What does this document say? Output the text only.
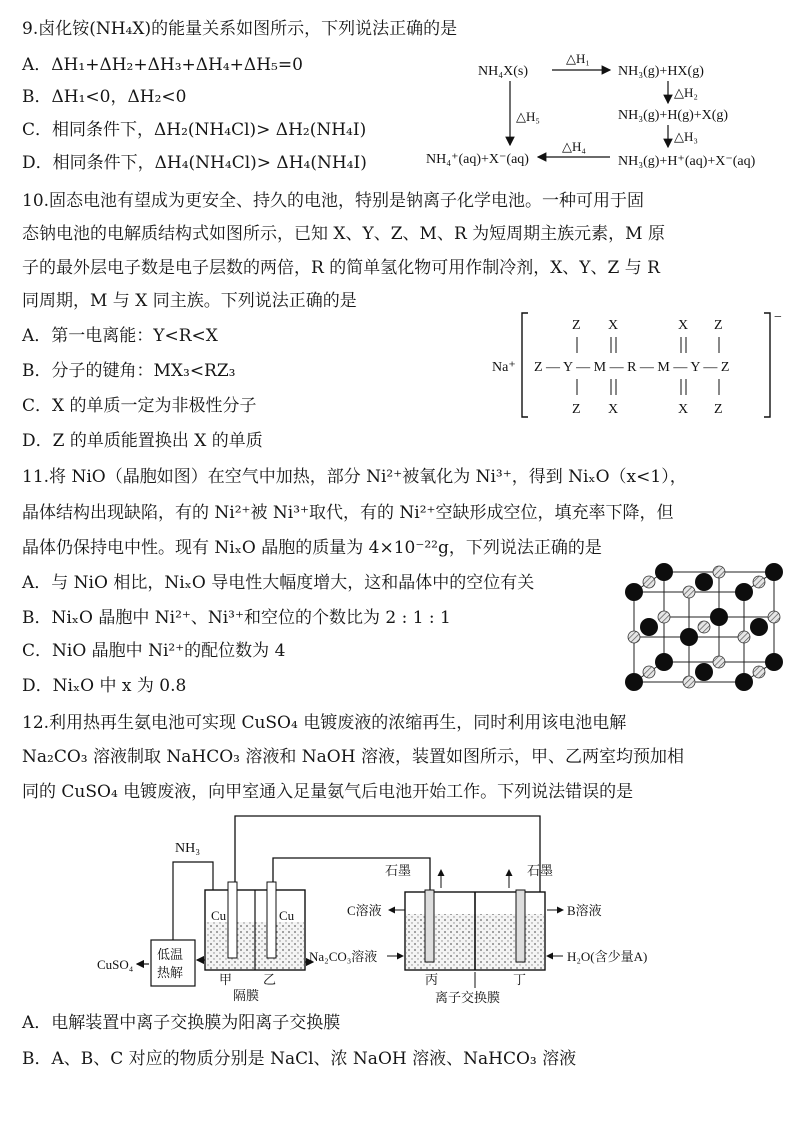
9.卤化铵(NH₄X)的能量关系如图所示，下列说法正确的是
A．ΔH₁+ΔH₂+ΔH₃+ΔH₄+ΔH₅=0
B．ΔH₁<0，ΔH₂<0
C．相同条件下，ΔH₂(NH₄Cl)> ΔH₂(NH₄I)
D．相同条件下，ΔH₄(NH₄Cl)> ΔH₄(NH₄I)
NH₄X(s)
△H₁
NH₃(g)+HX(g)
△H₂
NH₃(g)+H(g)+X(g)
△H₃
NH₃(g)+H⁺(aq)+X⁻(aq)
△H₄
NH₄⁺(aq)+X⁻(aq)
△H₅
10.固态电池有望成为更安全、持久的电池，特别是钠离子化学电池。一种可用于固
态钠电池的电解质结构式如图所示，已知 X、Y、Z、M、R 为短周期主族元素，M 原
子的最外层电子数是电子层数的两倍，R 的简单氢化物可用作制冷剂，X、Y、Z 与 R
同周期，M 与 X 同主族。下列说法正确的是
A．第一电离能：Y<R<X
B．分子的键角：MX₃<RZ₃
C．X 的单质一定为非极性分子
D．Z 的单质能置换出 X 的单质
Na⁺
−
Z X	X Z
Z — Y — M — R — M — Y — Z
Z X	X Z
11.将 NiO（晶胞如图）在空气中加热，部分 Ni²⁺被氧化为 Ni³⁺，得到 NiₓO（x<1），
晶体结构出现缺陷，有的 Ni²⁺被 Ni³⁺取代，有的 Ni²⁺空缺形成空位，填充率下降，但
晶体仍保持电中性。现有 NiₓO 晶胞的质量为 4×10⁻²²g，下列说法正确的是
A．与 NiO 相比，NiₓO 导电性大幅度增大，这和晶体中的空位有关
B．NiₓO 晶胞中 Ni²⁺、Ni³⁺和空位的个数比为 2 : 1 : 1
C．NiO 晶胞中 Ni²⁺的配位数为 4
D．NiₓO 中 x 为 0.8
12.利用热再生氨电池可实现 CuSO₄ 电镀废液的浓缩再生，同时利用该电池电解
Na₂CO₃ 溶液制取 NaHCO₃ 溶液和 NaOH 溶液，装置如图所示，甲、乙两室均预加相
同的 CuSO₄ 电镀废液，向甲室通入足量氨气后电池开始工作。下列说法错误的是
NH₃
Cu	Cu
甲 乙
隔膜
低温
热解
CuSO₄
石墨	石墨
C溶液	B溶液
Na₂CO₃溶液	H₂O(含少量A)
丙	丁
离子交换膜
A．电解装置中离子交换膜为阳离子交换膜
B．A、B、C 对应的物质分别是 NaCl、浓 NaOH 溶液、NaHCO₃ 溶液
